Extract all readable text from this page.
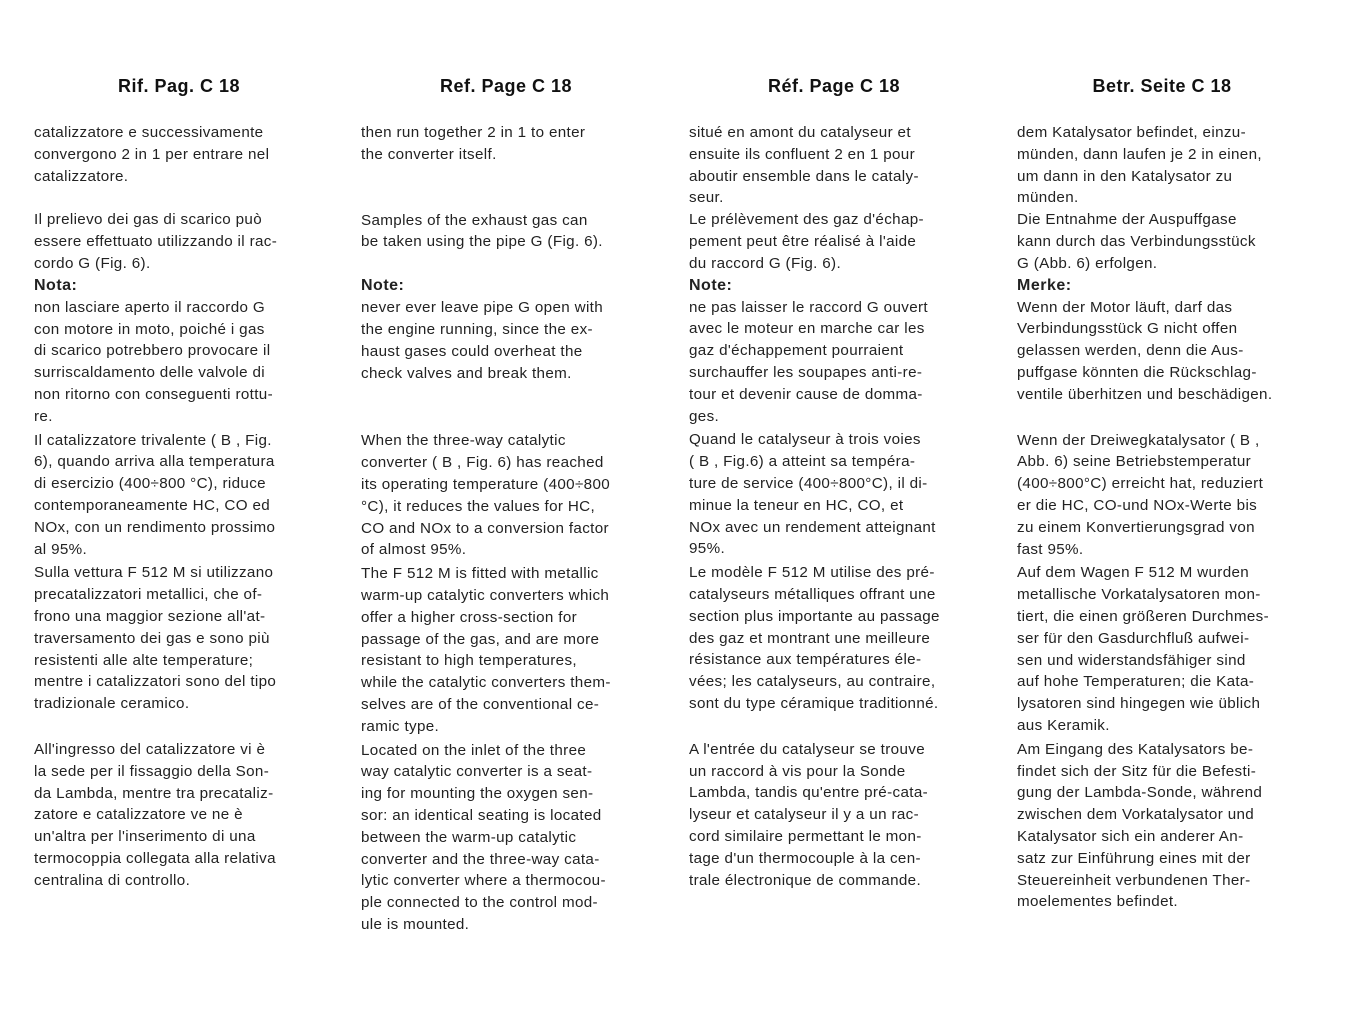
Rif. Pag. C 18

catalizzatore e successivamente
convergono 2 in 1 per entrare nel
catalizzatore.

Il prelievo dei gas di scarico può
essere effettuato utilizzando il rac-
cordo G (Fig. 6).

Nota:

non lasciare aperto il raccordo G
con motore in moto, poiché i gas
di scarico potrebbero provocare il
surriscaldamento delle valvole di
non ritorno con conseguenti rottu-
re.

Il catalizzatore trivalente ( B , Fig.
6), quando arriva alla temperatura
di esercizio (400÷800 °C), riduce
contemporaneamente HC, CO ed
NOx, con un rendimento prossimo
al 95%.

Sulla vettura F 512 M si utilizzano
precatalizzatori metallici, che of-
frono una maggior sezione all'at-
traversamento dei gas e sono più
resistenti alle alte temperature;
mentre i catalizzatori sono del tipo
tradizionale ceramico.

All'ingresso del catalizzatore vi è
la sede per il fissaggio della Son-
da Lambda, mentre tra precataliz-
zatore e catalizzatore ve ne è
un'altra per l'inserimento di una
termocoppia collegata alla relativa
centralina di controllo.

Ref. Page C 18

then run together 2 in 1 to enter
the converter itself.

Samples of the exhaust gas can
be taken using the pipe G (Fig. 6).

Note:

never ever leave pipe G open with
the engine running, since the ex-
haust gases could overheat the
check valves and break them.

When the three-way catalytic
converter ( B , Fig. 6) has reached
its operating temperature (400÷800
°C), it reduces the values for HC,
CO and NOx to a conversion factor
of almost 95%.

The F 512 M is fitted with metallic
warm-up catalytic converters which
offer a higher cross-section for
passage of the gas, and are more
resistant to high temperatures,
while the catalytic converters them-
selves are of the conventional ce-
ramic type.

Located on the inlet of the three
way catalytic converter is a seat-
ing for mounting the oxygen sen-
sor: an identical seating is located
between the warm-up catalytic
converter and the three-way cata-
lytic converter where a thermocou-
ple connected to the control mod-
ule is mounted.

Réf. Page C 18

situé en amont du catalyseur et
ensuite ils confluent 2 en 1 pour
aboutir ensemble dans le cataly-
seur.

Le prélèvement des gaz d'échap-
pement peut être réalisé à l'aide
du raccord G (Fig. 6).

Note:

ne pas laisser le raccord G ouvert
avec le moteur en marche car les
gaz d'échappement pourraient
surchauffer les soupapes anti-re-
tour et devenir cause de domma-
ges.

Quand le catalyseur à trois voies
( B , Fig.6) a atteint sa tempéra-
ture de service (400÷800°C), il di-
minue la teneur en HC, CO, et
NOx avec un rendement atteignant
95%.

Le modèle F 512 M utilise des pré-
catalyseurs métalliques offrant une
section plus importante au passage
des gaz et montrant une meilleure
résistance aux températures éle-
vées; les catalyseurs, au contraire,
sont du type céramique traditionné.

A l'entrée du catalyseur se trouve
un raccord à vis pour la Sonde
Lambda, tandis qu'entre pré-cata-
lyseur et catalyseur il y a un rac-
cord similaire permettant le mon-
tage d'un thermocouple à la cen-
trale électronique de commande.

Betr. Seite C 18

dem Katalysator befindet, einzu-
münden, dann laufen je 2 in einen,
um dann in den Katalysator zu
münden.

Die Entnahme der Auspuffgase
kann durch das Verbindungsstück
G (Abb. 6) erfolgen.

Merke:

Wenn der Motor läuft, darf das
Verbindungsstück G nicht offen
gelassen werden, denn die Aus-
puffgase könnten die Rückschlag-
ventile überhitzen und beschädigen.

Wenn der Dreiwegkatalysator ( B ,
Abb. 6) seine Betriebstemperatur
(400÷800°C) erreicht hat, reduziert
er die HC, CO-und NOx-Werte bis
zu einem Konvertierungsgrad von
fast 95%.

Auf dem Wagen F 512 M wurden
metallische Vorkatalysatoren mon-
tiert, die einen größeren Durchmes-
ser für den Gasdurchfluß aufwei-
sen und widerstandsfähiger sind
auf hohe Temperaturen; die Kata-
lysatoren sind hingegen wie üblich
aus Keramik.

Am Eingang des Katalysators be-
findet sich der Sitz für die Befesti-
gung der Lambda-Sonde, während
zwischen dem Vorkatalysator und
Katalysator sich ein anderer An-
satz zur Einführung eines mit der
Steuereinheit verbundenen Ther-
moelementes befindet.
